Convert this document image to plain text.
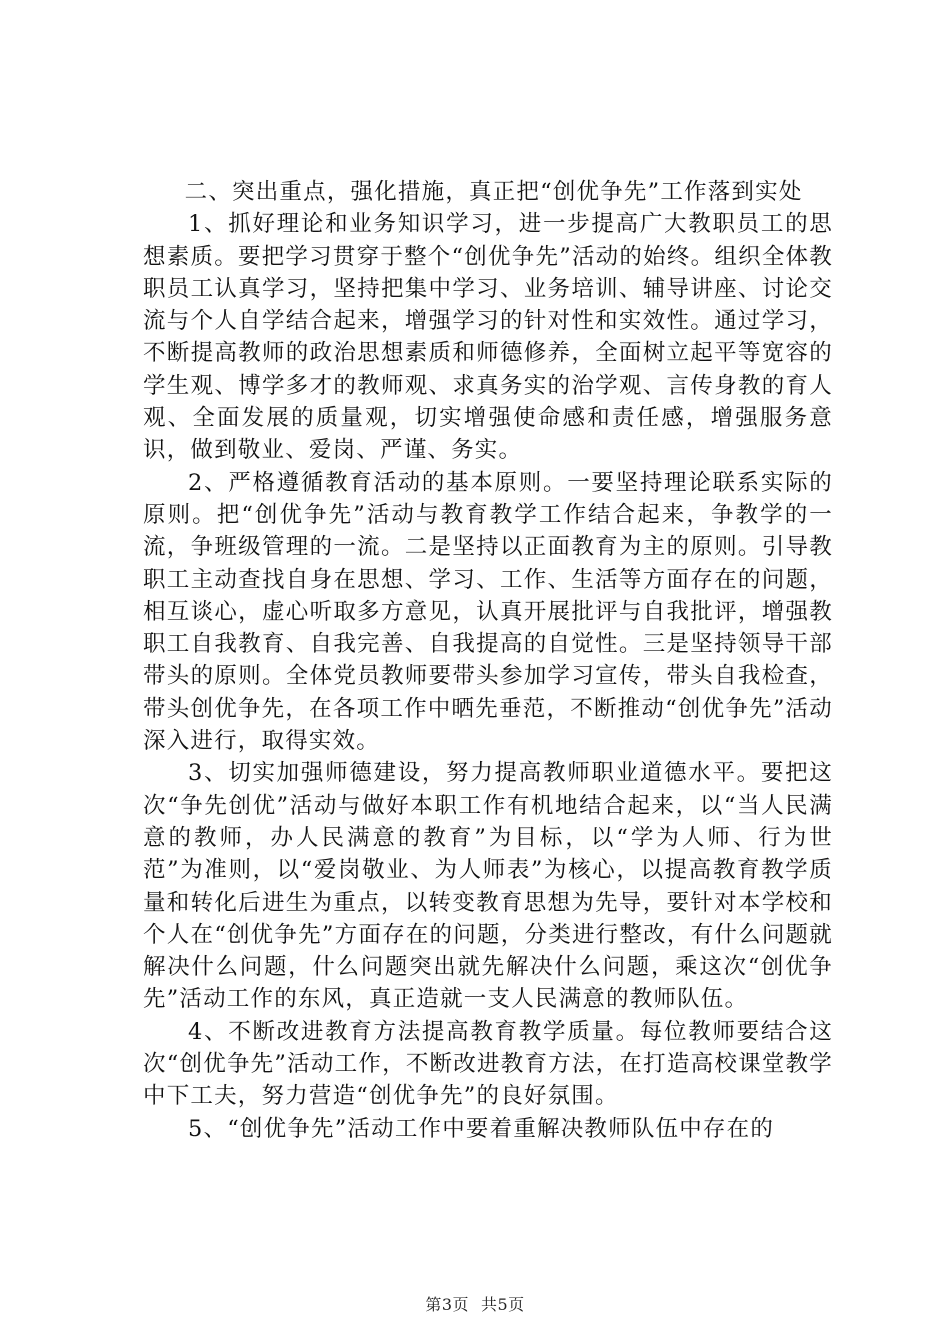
二、突出重点，强化措施，真正把“创优争先”工作落到实处

1、抓好理论和业务知识学习，进一步提高广大教职员工的思想素质。要把学习贯穿于整个“创优争先”活动的始终。组织全体教职员工认真学习，坚持把集中学习、业务培训、辅导讲座、讨论交流与个人自学结合起来，增强学习的针对性和实效性。通过学习，不断提高教师的政治思想素质和师德修养，全面树立起平等宽容的学生观、博学多才的教师观、求真务实的治学观、言传身教的育人观、全面发展的质量观，切实增强使命感和责任感，增强服务意识，做到敬业、爱岗、严谨、务实。

2、严格遵循教育活动的基本原则。一要坚持理论联系实际的原则。把“创优争先”活动与教育教学工作结合起来，争教学的一流，争班级管理的一流。二是坚持以正面教育为主的原则。引导教职工主动查找自身在思想、学习、工作、生活等方面存在的问题，相互谈心，虚心听取多方意见，认真开展批评与自我批评，增强教职工自我教育、自我完善、自我提高的自觉性。三是坚持领导干部带头的原则。全体党员教师要带头参加学习宣传，带头自我检查，带头创优争先，在各项工作中晒先垂范，不断推动“创优争先”活动深入进行，取得实效。

3、切实加强师德建设，努力提高教师职业道德水平。要把这次“争先创优”活动与做好本职工作有机地结合起来，以“当人民满意的教师，办人民满意的教育”为目标，以“学为人师、行为世范”为准则，以“爱岗敬业、为人师表”为核心，以提高教育教学质量和转化后进生为重点，以转变教育思想为先导，要针对本学校和个人在“创优争先”方面存在的问题，分类进行整改，有什么问题就解决什么问题，什么问题突出就先解决什么问题，乘这次“创优争先”活动工作的东风，真正造就一支人民满意的教师队伍。

4、不断改进教育方法提高教育教学质量。每位教师要结合这次“创优争先”活动工作，不断改进教育方法，在打造高校课堂教学中下工夫，努力营造“创优争先”的良好氛围。

5、“创优争先”活动工作中要着重解决教师队伍中存在的

第3页 共5页
